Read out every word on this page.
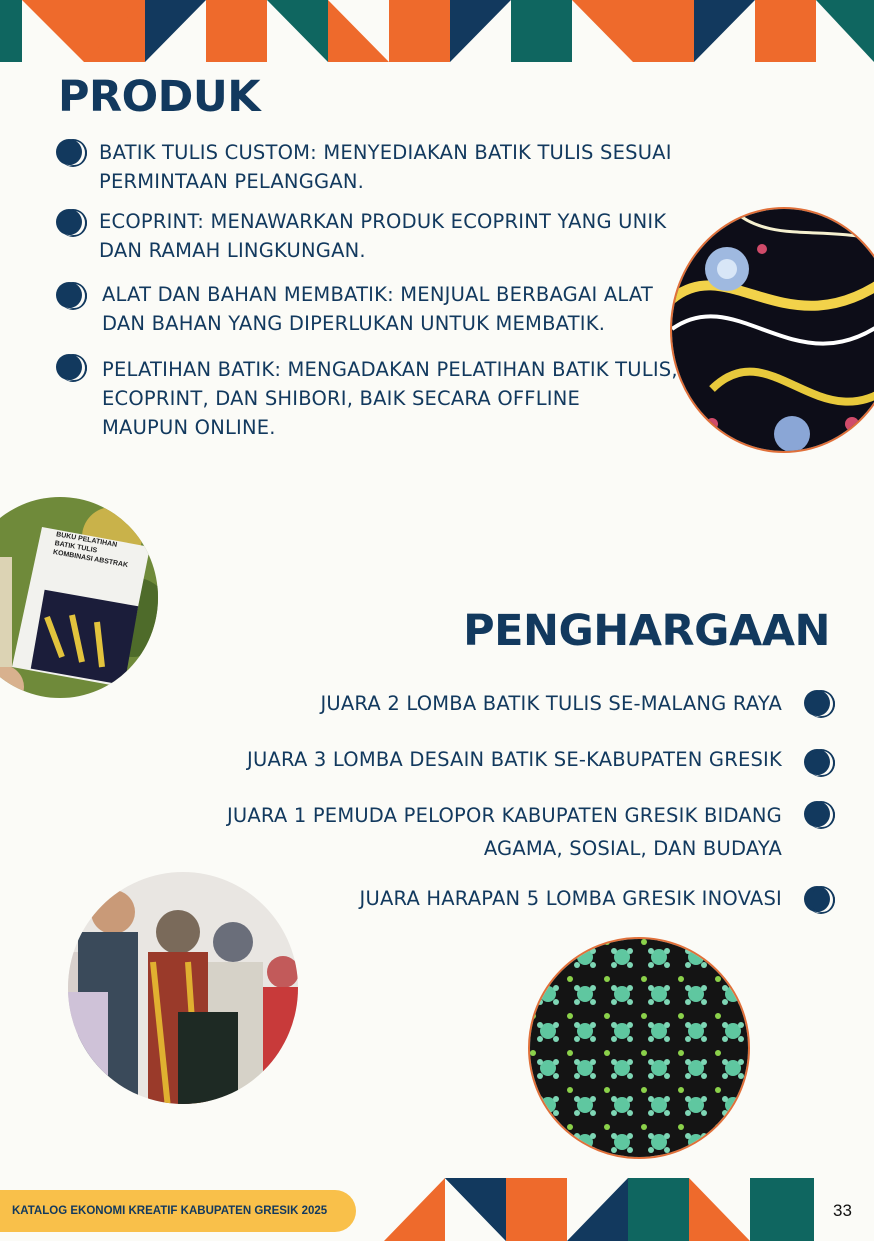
PRODUK
BATIK TULIS CUSTOM: MENYEDIAKAN BATIK TULIS SESUAI
PERMINTAAN PELANGGAN.
ECOPRINT: MENAWARKAN PRODUK ECOPRINT YANG UNIK
DAN RAMAH LINGKUNGAN.
ALAT DAN BAHAN MEMBATIK: MENJUAL BERBAGAI ALAT
DAN BAHAN YANG DIPERLUKAN UNTUK MEMBATIK.
PELATIHAN BATIK: MENGADAKAN PELATIHAN BATIK TULIS,
ECOPRINT, DAN SHIBORI, BAIK SECARA OFFLINE
MAUPUN ONLINE.
BUKU PELATIHAN BATIK TULIS KOMBINASI ABSTRAK
PENGHARGAAN
JUARA 2 LOMBA BATIK TULIS SE-MALANG RAYA
JUARA 3 LOMBA DESAIN BATIK SE-KABUPATEN GRESIK
JUARA 1 PEMUDA PELOPOR KABUPATEN GRESIK BIDANG
AGAMA, SOSIAL, DAN BUDAYA
JUARA HARAPAN 5 LOMBA GRESIK INOVASI
KATALOG EKONOMI KREATIF KABUPATEN GRESIK 2025	33
